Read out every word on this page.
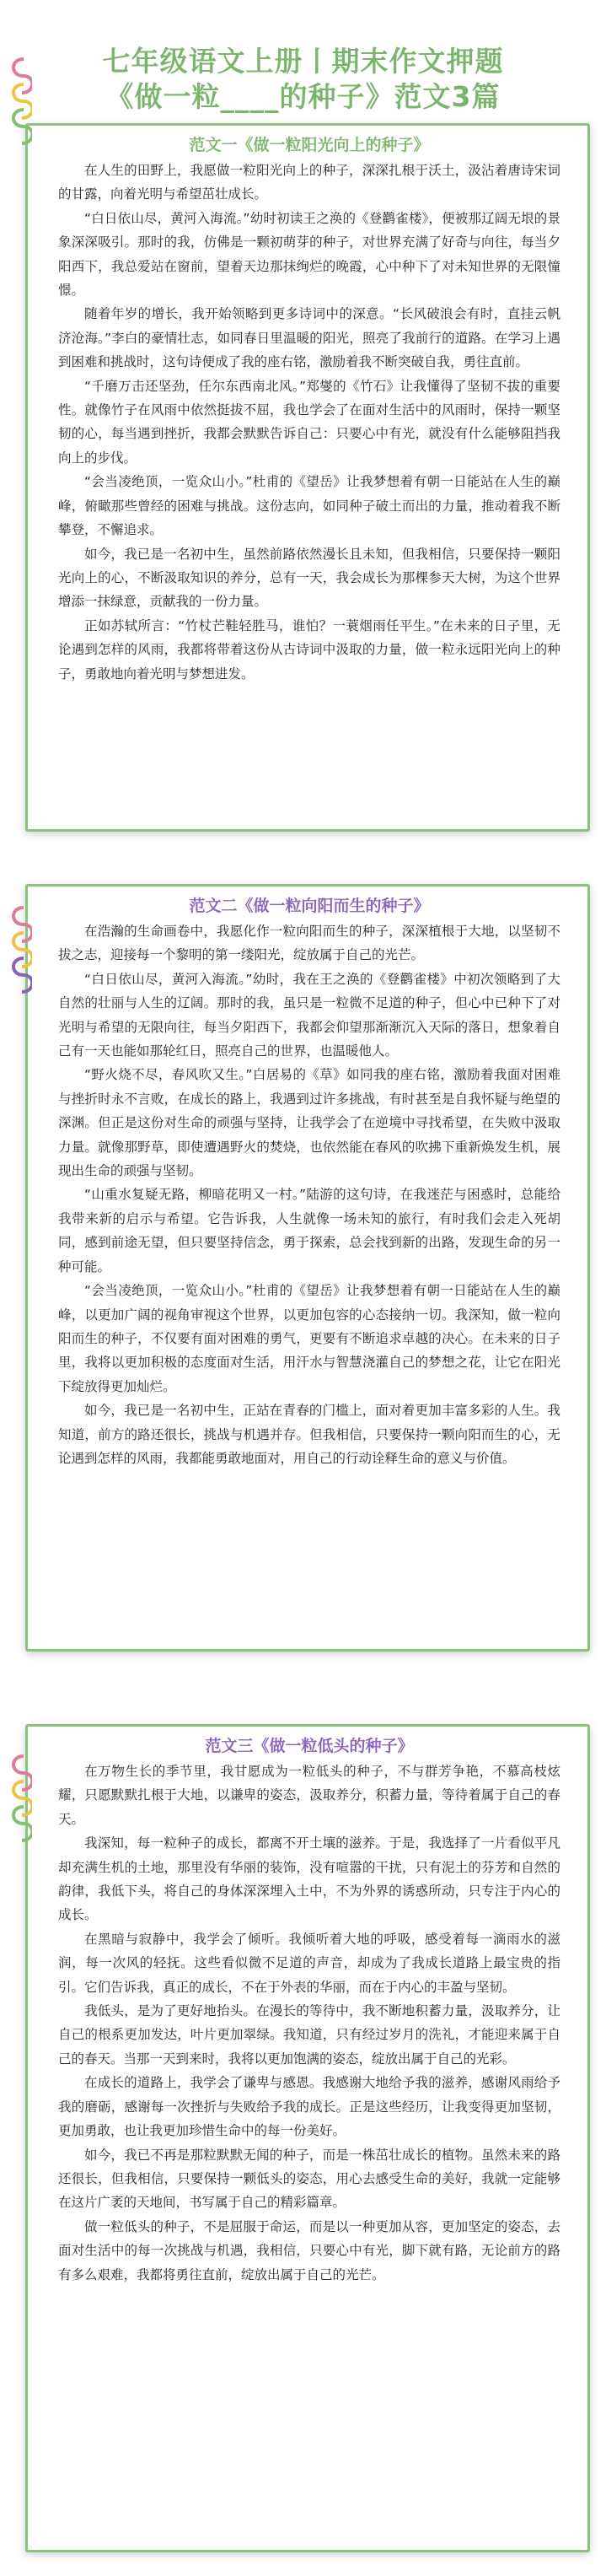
七年级语文上册丨期末作文押题
《做一粒____的种子》范文3篇
范文一《做一粒阳光向上的种子》

在人生的田野上，我愿做一粒阳光向上的种子，深深扎根于沃土，汲沾着唐诗宋词的甘露，向着光明与希望茁壮成长。

“白日依山尽，黄河入海流。”幼时初读王之涣的《登鹳雀楼》，便被那辽阔无垠的景象深深吸引。那时的我，仿佛是一颗初萌芽的种子，对世界充满了好奇与向往，每当夕阳西下，我总爱站在窗前，望着天边那抹绚烂的晚霞，心中种下了对未知世界的无限憧憬。

随着年岁的增长，我开始领略到更多诗词中的深意。“长风破浪会有时，直挂云帆济沧海。”李白的豪情壮志，如同春日里温暖的阳光，照亮了我前行的道路。在学习上遇到困难和挑战时，这句诗便成了我的座右铭，激励着我不断突破自我，勇往直前。

“千磨万击还坚劲，任尔东西南北风。”郑燮的《竹石》让我懂得了坚韧不拔的重要性。就像竹子在风雨中依然挺拔不屈，我也学会了在面对生活中的风雨时，保持一颗坚韧的心，每当遇到挫折，我都会默默告诉自己：只要心中有光，就没有什么能够阻挡我向上的步伐。

“会当凌绝顶，一览众山小。”杜甫的《望岳》让我梦想着有朝一日能站在人生的巅峰，俯瞰那些曾经的困难与挑战。这份志向，如同种子破土而出的力量，推动着我不断攀登，不懈追求。

如今，我已是一名初中生，虽然前路依然漫长且未知，但我相信，只要保持一颗阳光向上的心，不断汲取知识的养分，总有一天，我会成长为那棵参天大树，为这个世界增添一抹绿意，贡献我的一份力量。

正如苏轼所言：“竹杖芒鞋轻胜马，谁怕？一蓑烟雨任平生。”在未来的日子里，无论遇到怎样的风雨，我都将带着这份从古诗词中汲取的力量，做一粒永远阳光向上的种子，勇敢地向着光明与梦想进发。

范文二《做一粒向阳而生的种子》

在浩瀚的生命画卷中，我愿化作一粒向阳而生的种子，深深植根于大地，以坚韧不拔之志，迎接每一个黎明的第一缕阳光，绽放属于自己的光芒。

“白日依山尽，黄河入海流。”幼时，我在王之涣的《登鹳雀楼》中初次领略到了大自然的壮丽与人生的辽阔。那时的我，虽只是一粒微不足道的种子，但心中已种下了对光明与希望的无限向往，每当夕阳西下，我都会仰望那渐渐沉入天际的落日，想象着自己有一天也能如那轮红日，照亮自己的世界，也温暖他人。

“野火烧不尽，春风吹又生。”白居易的《草》如同我的座右铭，激励着我面对困难与挫折时永不言败，在成长的路上，我遇到过许多挑战，有时甚至是自我怀疑与绝望的深渊。但正是这份对生命的顽强与坚持，让我学会了在逆境中寻找希望，在失败中汲取力量。就像那野草，即使遭遇野火的焚烧，也依然能在春风的吹拂下重新焕发生机，展现出生命的顽强与坚韧。

“山重水复疑无路，柳暗花明又一村。”陆游的这句诗，在我迷茫与困惑时，总能给我带来新的启示与希望。它告诉我，人生就像一场未知的旅行，有时我们会走入死胡同，感到前途无望，但只要坚持信念，勇于探索，总会找到新的出路，发现生命的另一种可能。

“会当凌绝顶，一览众山小。”杜甫的《望岳》让我梦想着有朝一日能站在人生的巅峰，以更加广阔的视角审视这个世界，以更加包容的心态接纳一切。我深知，做一粒向阳而生的种子，不仅要有面对困难的勇气，更要有不断追求卓越的决心。在未来的日子里，我将以更加积极的态度面对生活，用汗水与智慧浇灌自己的梦想之花，让它在阳光下绽放得更加灿烂。

如今，我已是一名初中生，正站在青春的门槛上，面对着更加丰富多彩的人生。我知道，前方的路还很长，挑战与机遇并存。但我相信，只要保持一颗向阳而生的心，无论遇到怎样的风雨，我都能勇敢地面对，用自己的行动诠释生命的意义与价值。

范文三《做一粒低头的种子》

在万物生长的季节里，我甘愿成为一粒低头的种子，不与群芳争艳，不慕高枝炫耀，只愿默默扎根于大地，以谦卑的姿态，汲取养分，积蓄力量，等待着属于自己的春天。

我深知，每一粒种子的成长，都离不开土壤的滋养。于是，我选择了一片看似平凡却充满生机的土地，那里没有华丽的装饰，没有喧嚣的干扰，只有泥土的芬芳和自然的韵律，我低下头，将自己的身体深深埋入土中，不为外界的诱惑所动，只专注于内心的成长。

在黑暗与寂静中，我学会了倾听。我倾听着大地的呼吸，感受着每一滴雨水的滋润，每一次风的轻抚。这些看似微不足道的声音，却成为了我成长道路上最宝贵的指引。它们告诉我，真正的成长，不在于外表的华丽，而在于内心的丰盈与坚韧。

我低头，是为了更好地抬头。在漫长的等待中，我不断地积蓄力量，汲取养分，让自己的根系更加发达，叶片更加翠绿。我知道，只有经过岁月的洗礼，才能迎来属于自己的春天。当那一天到来时，我将以更加饱满的姿态，绽放出属于自己的光彩。

在成长的道路上，我学会了谦卑与感恩。我感谢大地给予我的滋养，感谢风雨给予我的磨砺，感谢每一次挫折与失败给予我的成长。正是这些经历，让我变得更加坚韧，更加勇敢，也让我更加珍惜生命中的每一份美好。

如今，我已不再是那粒默默无闻的种子，而是一株茁壮成长的植物。虽然未来的路还很长，但我相信，只要保持一颗低头的姿态，用心去感受生命的美好，我就一定能够在这片广袤的天地间，书写属于自己的精彩篇章。

做一粒低头的种子，不是屈服于命运，而是以一种更加从容，更加坚定的姿态，去面对生活中的每一次挑战与机遇，我相信，只要心中有光，脚下就有路，无论前方的路有多么艰难，我都将勇往直前，绽放出属于自己的光芒。
